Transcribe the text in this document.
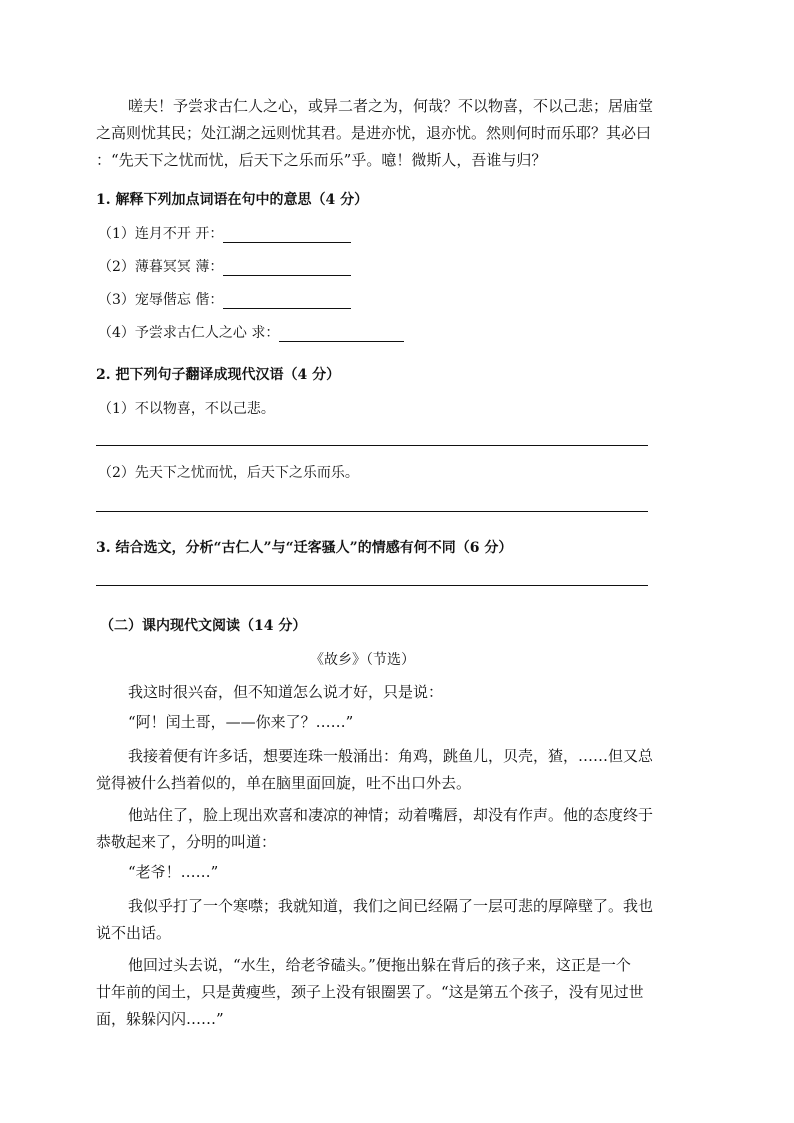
嗟夫！予尝求古仁人之心，或异二者之为，何哉？不以物喜，不以己悲；居庙堂
之高则忧其民；处江湖之远则忧其君。是进亦忧，退亦忧。然则何时而乐耶？其必曰
：“先天下之忧而忧，后天下之乐而乐”乎。噫！微斯人，吾谁与归？
1. 解释下列加点词语在句中的意思（4 分）
（1）连月不开 开：
（2）薄暮冥冥 薄：
（3）宠辱偕忘 偕：
（4）予尝求古仁人之心 求：
2. 把下列句子翻译成现代汉语（4 分）
（1）不以物喜，不以己悲。
（2）先天下之忧而忧，后天下之乐而乐。
3. 结合选文，分析“古仁人”与“迁客骚人”的情感有何不同（6 分）
（二）课内现代文阅读（14 分）
《故乡》（节选）
我这时很兴奋，但不知道怎么说才好，只是说：
“阿！闰土哥，——你来了？……”
我接着便有许多话，想要连珠一般涌出：角鸡，跳鱼儿，贝壳，猹，……但又总
觉得被什么挡着似的，单在脑里面回旋，吐不出口外去。
他站住了，脸上现出欢喜和凄凉的神情；动着嘴唇，却没有作声。他的态度终于
恭敬起来了，分明的叫道：
“老爷！……”
我似乎打了一个寒噤；我就知道，我们之间已经隔了一层可悲的厚障壁了。我也
说不出话。
他回过头去说，“水生，给老爷磕头。”便拖出躲在背后的孩子来，这正是一个
廿年前的闰土，只是黄瘦些，颈子上没有银圈罢了。“这是第五个孩子，没有见过世
面，躲躲闪闪……”
